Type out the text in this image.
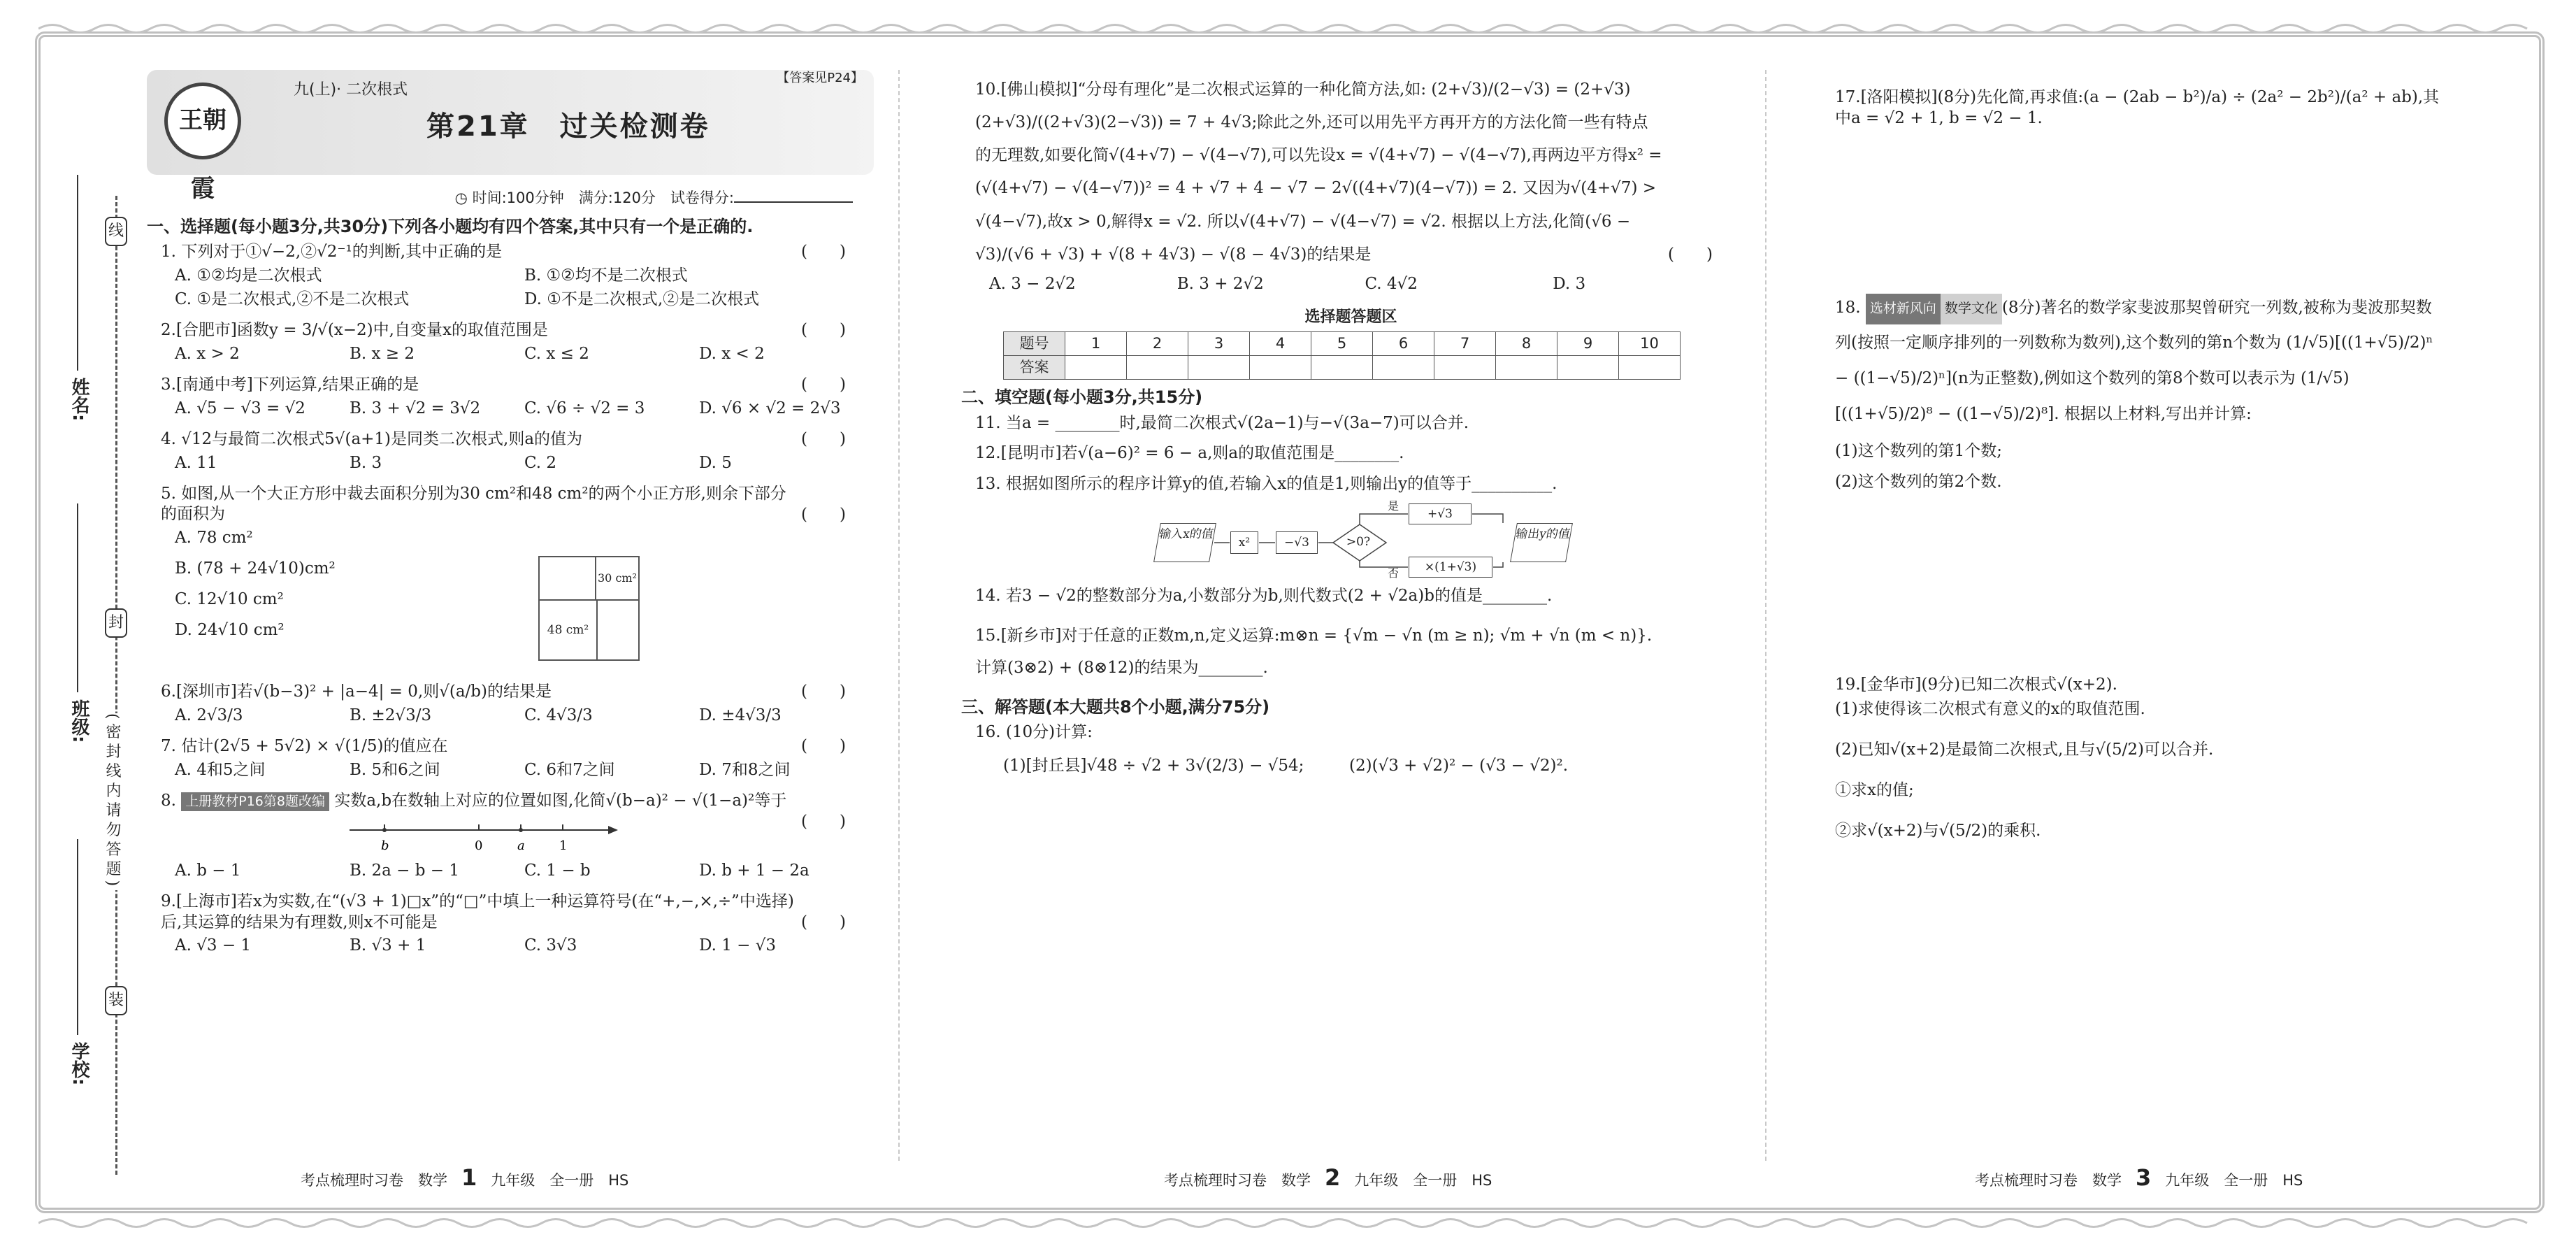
姓名:
班级:
学校:
线
封
装
(密封线内请勿答题)
王朝霞
九(上)· 二次根式
【答案见P24】
第21章　过关检测卷
◷ 时间:100分钟　满分:120分　试卷得分:
一、选择题(每小题3分,共30分)下列各小题均有四个答案,其中只有一个是正确的.
1. 下列对于①√−2,②√2⁻¹的判断,其中正确的是	(　　)
A. ①②均是二次根式	B. ①②均不是二次根式
C. ①是二次根式,②不是二次根式	D. ①不是二次根式,②是二次根式
2.[合肥市]函数y = 3/√(x−2)中,自变量x的取值范围是	(　　)
A. x > 2	B. x ≥ 2	C. x ≤ 2	D. x < 2
3.[南通中考]下列运算,结果正确的是	(　　)
A. √5 − √3 = √2	B. 3 + √2 = 3√2	C. √6 ÷ √2 = 3	D. √6 × √2 = 2√3
4. √12与最简二次根式5√(a+1)是同类二次根式,则a的值为	(　　)
A. 11	B. 3	C. 2	D. 5
5. 如图,从一个大正方形中裁去面积分别为30 cm²和48 cm²的两个小正方形,则余下部分的面积为	(　　)
A. 78 cm²
B. (78 + 24√10)cm²
C. 12√10 cm²
D. 24√10 cm²
30 cm²
48 cm²
6.[深圳市]若√(b−3)² + |a−4| = 0,则√(a/b)的结果是	(　　)
A. 2√3/3	B. ±2√3/3	C. 4√3/3	D. ±4√3/3
7. 估计(2√5 + 5√2) × √(1/5)的值应在	(　　)
A. 4和5之间	B. 5和6之间	C. 6和7之间	D. 7和8之间
8. 上册教材P16第8题改编 实数a,b在数轴上对应的位置如图,化简√(b−a)² − √(1−a)²等于
(　　)
b	0	a	1
A. b − 1	B. 2a − b − 1	C. 1 − b	D. b + 1 − 2a
9.[上海市]若x为实数,在“(√3 + 1)□x”的“□”中填上一种运算符号(在“+,−,×,÷”中选择)后,其运算的结果为有理数,则x不可能是	(　　)
A. √3 − 1	B. √3 + 1	C. 3√3	D. 1 − √3
10.[佛山模拟]“分母有理化”是二次根式运算的一种化简方法,如: (2+√3)/(2−√3) = (2+√3)(2+√3)/((2+√3)(2−√3)) = 7 + 4√3;除此之外,还可以用先平方再开方的方法化简一些有特点的无理数,如要化简√(4+√7) − √(4−√7),可以先设x = √(4+√7) − √(4−√7),再两边平方得x² = (√(4+√7) − √(4−√7))² = 4 + √7 + 4 − √7 − 2√((4+√7)(4−√7)) = 2. 又因为√(4+√7) > √(4−√7),故x > 0,解得x = √2. 所以√(4+√7) − √(4−√7) = √2. 根据以上方法,化简(√6 − √3)/(√6 + √3) + √(8 + 4√3) − √(8 − 4√3)的结果是	(　　)
A. 3 − 2√2	B. 3 + 2√2	C. 4√2	D. 3
选择题答题区
题号	1	2	3	4	5	6	7	8	9	10
答案										
二、填空题(每小题3分,共15分)
11. 当a = ________时,最简二次根式√(2a−1)与−√(3a−7)可以合并.
12.[昆明市]若√(a−6)² = 6 − a,则a的取值范围是________.
13. 根据如图所示的程序计算y的值,若输入x的值是1,则输出y的值等于__________.
输入x的值
x²	−√3	>0?
+√3
×(1+√3)
输出y的值
是
否
14. 若3 − √2的整数部分为a,小数部分为b,则代数式(2 + √2a)b的值是________.
15.[新乡市]对于任意的正数m,n,定义运算:m⊗n = {√m − √n (m ≥ n); √m + √n (m < n)}. 计算(3⊗2) + (8⊗12)的结果为________.
三、解答题(本大题共8个小题,满分75分)
16. (10分)计算:
(1)[封丘县]√48 ÷ √2 + 3√(2/3) − √54;	(2)(√3 + √2)² − (√3 − √2)².
17.[洛阳模拟](8分)先化简,再求值:(a − (2ab − b²)/a) ÷ (2a² − 2b²)/(a² + ab),其中a = √2 + 1, b = √2 − 1.
18. 选材新风向 数学文化 (8分)著名的数学家斐波那契曾研究一列数,被称为斐波那契数列(按照一定顺序排列的一列数称为数列),这个数列的第n个数为 (1/√5)[((1+√5)/2)ⁿ − ((1−√5)/2)ⁿ](n为正整数),例如这个数列的第8个数可以表示为 (1/√5)[((1+√5)/2)⁸ − ((1−√5)/2)⁸]. 根据以上材料,写出并计算:
(1)这个数列的第1个数;
(2)这个数列的第2个数.
19.[金华市](9分)已知二次根式√(x+2).
(1)求使得该二次根式有意义的x的取值范围.
(2)已知√(x+2)是最简二次根式,且与√(5/2)可以合并.
①求x的值;
②求√(x+2)与√(5/2)的乘积.
考点梳理时习卷　数学 1 九年级　全一册　HS	考点梳理时习卷　数学 2 九年级　全一册　HS	考点梳理时习卷　数学 3 九年级　全一册　HS
